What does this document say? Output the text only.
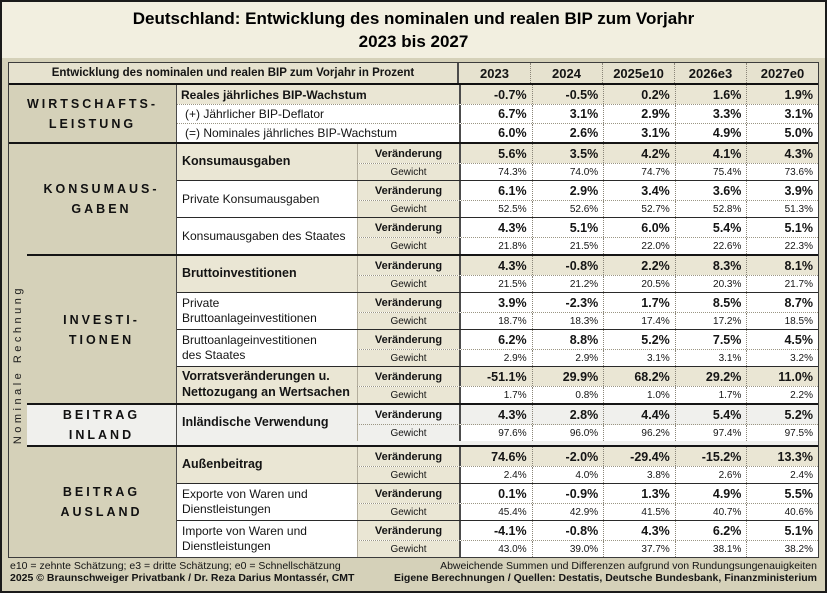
Deutschland: Entwicklung des nominalen und realen BIP zum Vorjahr
2023 bis 2027
Nominale Rechnung
Entwicklung des nominalen und realen BIP zum Vorjahr in Prozent	2023	2024	2025e10	2026e3	2027e0
WIRTSCHAFTS-
LEISTUNG
Reales jährliches BIP-Wachstum	-0.7%	-0.5%	0.2%	1.6%	1.9%
(+) Jährlicher BIP-Deflator	6.7%	3.1%	2.9%	3.3%	3.1%
(=) Nominales jährliches BIP-Wachstum	6.0%	2.6%	3.1%	4.9%	5.0%
KONSUMAUS-
GABEN
Konsumausgaben
Veränderung	5.6%	3.5%	4.2%	4.1%	4.3%
Gewicht	74.3%	74.0%	74.7%	75.4%	73.6%
Private Konsumausgaben
Veränderung	6.1%	2.9%	3.4%	3.6%	3.9%
Gewicht	52.5%	52.6%	52.7%	52.8%	51.3%
Konsumausgaben des Staates
Veränderung	4.3%	5.1%	6.0%	5.4%	5.1%
Gewicht	21.8%	21.5%	22.0%	22.6%	22.3%
INVESTI-
TIONEN
Bruttoinvestitionen
Veränderung	4.3%	-0.8%	2.2%	8.3%	8.1%
Gewicht	21.5%	21.2%	20.5%	20.3%	21.7%
Private
Bruttoanlageinvestitionen
Veränderung	3.9%	-2.3%	1.7%	8.5%	8.7%
Gewicht	18.7%	18.3%	17.4%	17.2%	18.5%
Bruttoanlageinvestitionen
des Staates
Veränderung	6.2%	8.8%	5.2%	7.5%	4.5%
Gewicht	2.9%	2.9%	3.1%	3.1%	3.2%
Vorratsveränderungen u.
Nettozugang an Wertsachen
Veränderung	-51.1%	29.9%	68.2%	29.2%	11.0%
Gewicht	1.7%	0.8%	1.0%	1.7%	2.2%
BEITRAG
INLAND
Inländische Verwendung
Veränderung	4.3%	2.8%	4.4%	5.4%	5.2%
Gewicht	97.6%	96.0%	96.2%	97.4%	97.5%
BEITRAG
AUSLAND
Außenbeitrag
Veränderung	74.6%	-2.0%	-29.4%	-15.2%	13.3%
Gewicht	2.4%	4.0%	3.8%	2.6%	2.4%
Exporte von Waren und
Dienstleistungen
Veränderung	0.1%	-0.9%	1.3%	4.9%	5.5%
Gewicht	45.4%	42.9%	41.5%	40.7%	40.6%
Importe von Waren und
Dienstleistungen
Veränderung	-4.1%	-0.8%	4.3%	6.2%	5.1%
Gewicht	43.0%	39.0%	37.7%	38.1%	38.2%
e10 = zehnte Schätzung; e3 = dritte Schätzung; e0 = Schnellschätzung	Abweichende Summen und Differenzen aufgrund von Rundungsungenauigkeiten
2025 © Braunschweiger Privatbank / Dr. Reza Darius Montassér, CMT	Eigene Berechnungen / Quellen: Destatis, Deutsche Bundesbank, Finanzministerium
